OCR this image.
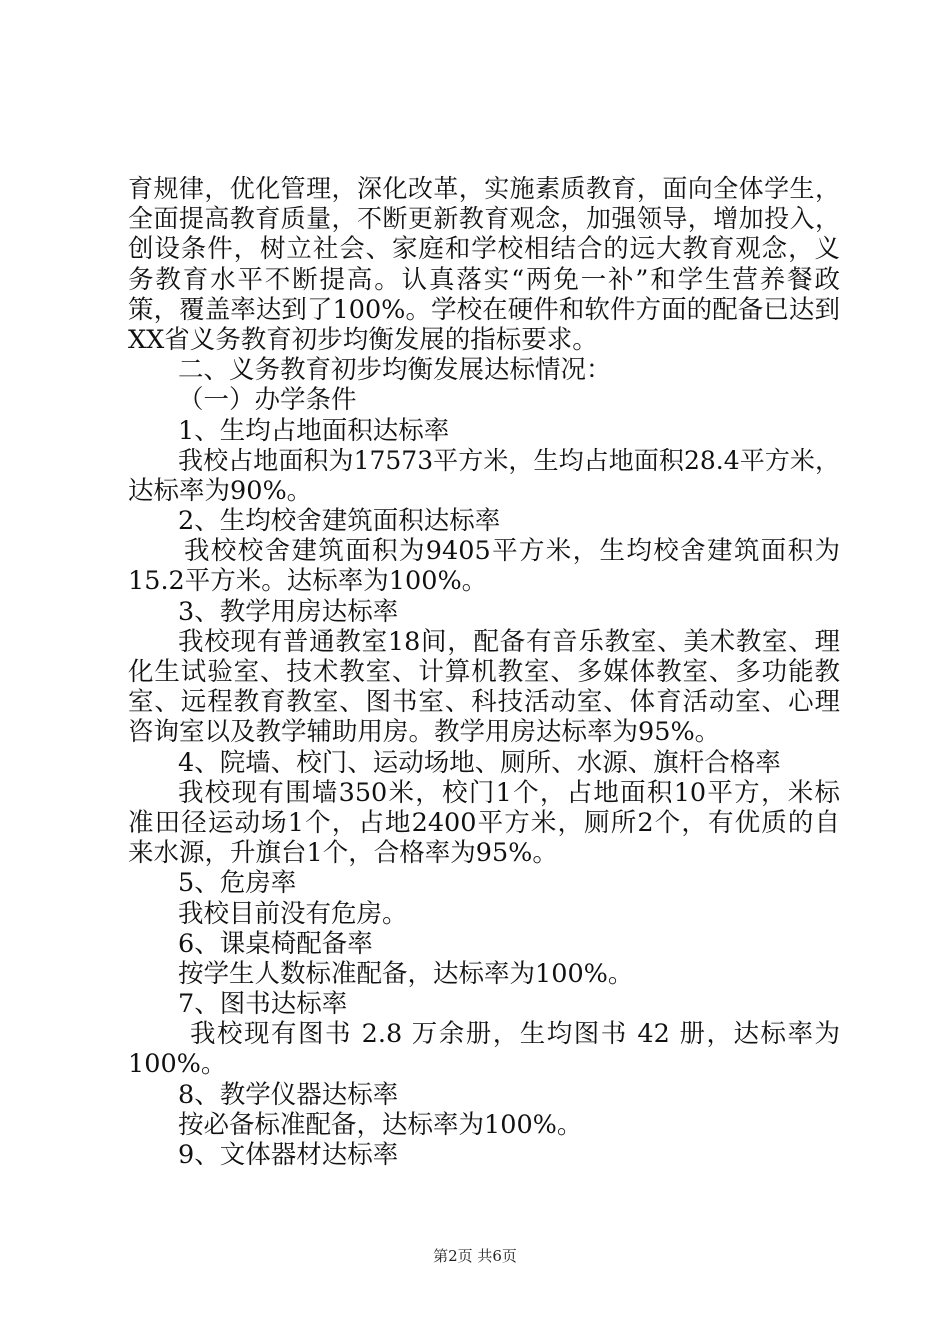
育规律，优化管理，深化改革，实施素质教育，面向全体学生，
全面提高教育质量，不断更新教育观念，加强领导，增加投入，
创设条件，树立社会、家庭和学校相结合的远大教育观念，义
务教育水平不断提高。认真落实“两免一补”和学生营养餐政
策，覆盖率达到了100%。学校在硬件和软件方面的配备已达到
XX省义务教育初步均衡发展的指标要求。
二、义务教育初步均衡发展达标情况：
（一）办学条件
1、生均占地面积达标率
我校占地面积为17573平方米，生均占地面积28.4平方米，
达标率为90%。
2、生均校舍建筑面积达标率
我校校舍建筑面积为9405平方米，生均校舍建筑面积为
15.2平方米。达标率为100%。
3、教学用房达标率
我校现有普通教室18间，配备有音乐教室、美术教室、理
化生试验室、技术教室、计算机教室、多媒体教室、多功能教
室、远程教育教室、图书室、科技活动室、体育活动室、心理
咨询室以及教学辅助用房。教学用房达标率为95%。
4、院墙、校门、运动场地、厕所、水源、旗杆合格率
我校现有围墙350米，校门1个，占地面积10平方，米标
准田径运动场1个，占地2400平方米，厕所2个，有优质的自
来水源，升旗台1个，合格率为95%。
5、危房率
我校目前没有危房。
6、课桌椅配备率
按学生人数标准配备，达标率为100%。
7、图书达标率
我校现有图书 2.8 万余册，生均图书 42 册，达标率为
100%。
8、教学仪器达标率
按必备标准配备，达标率为100%。
9、文体器材达标率
第2页 共6页
